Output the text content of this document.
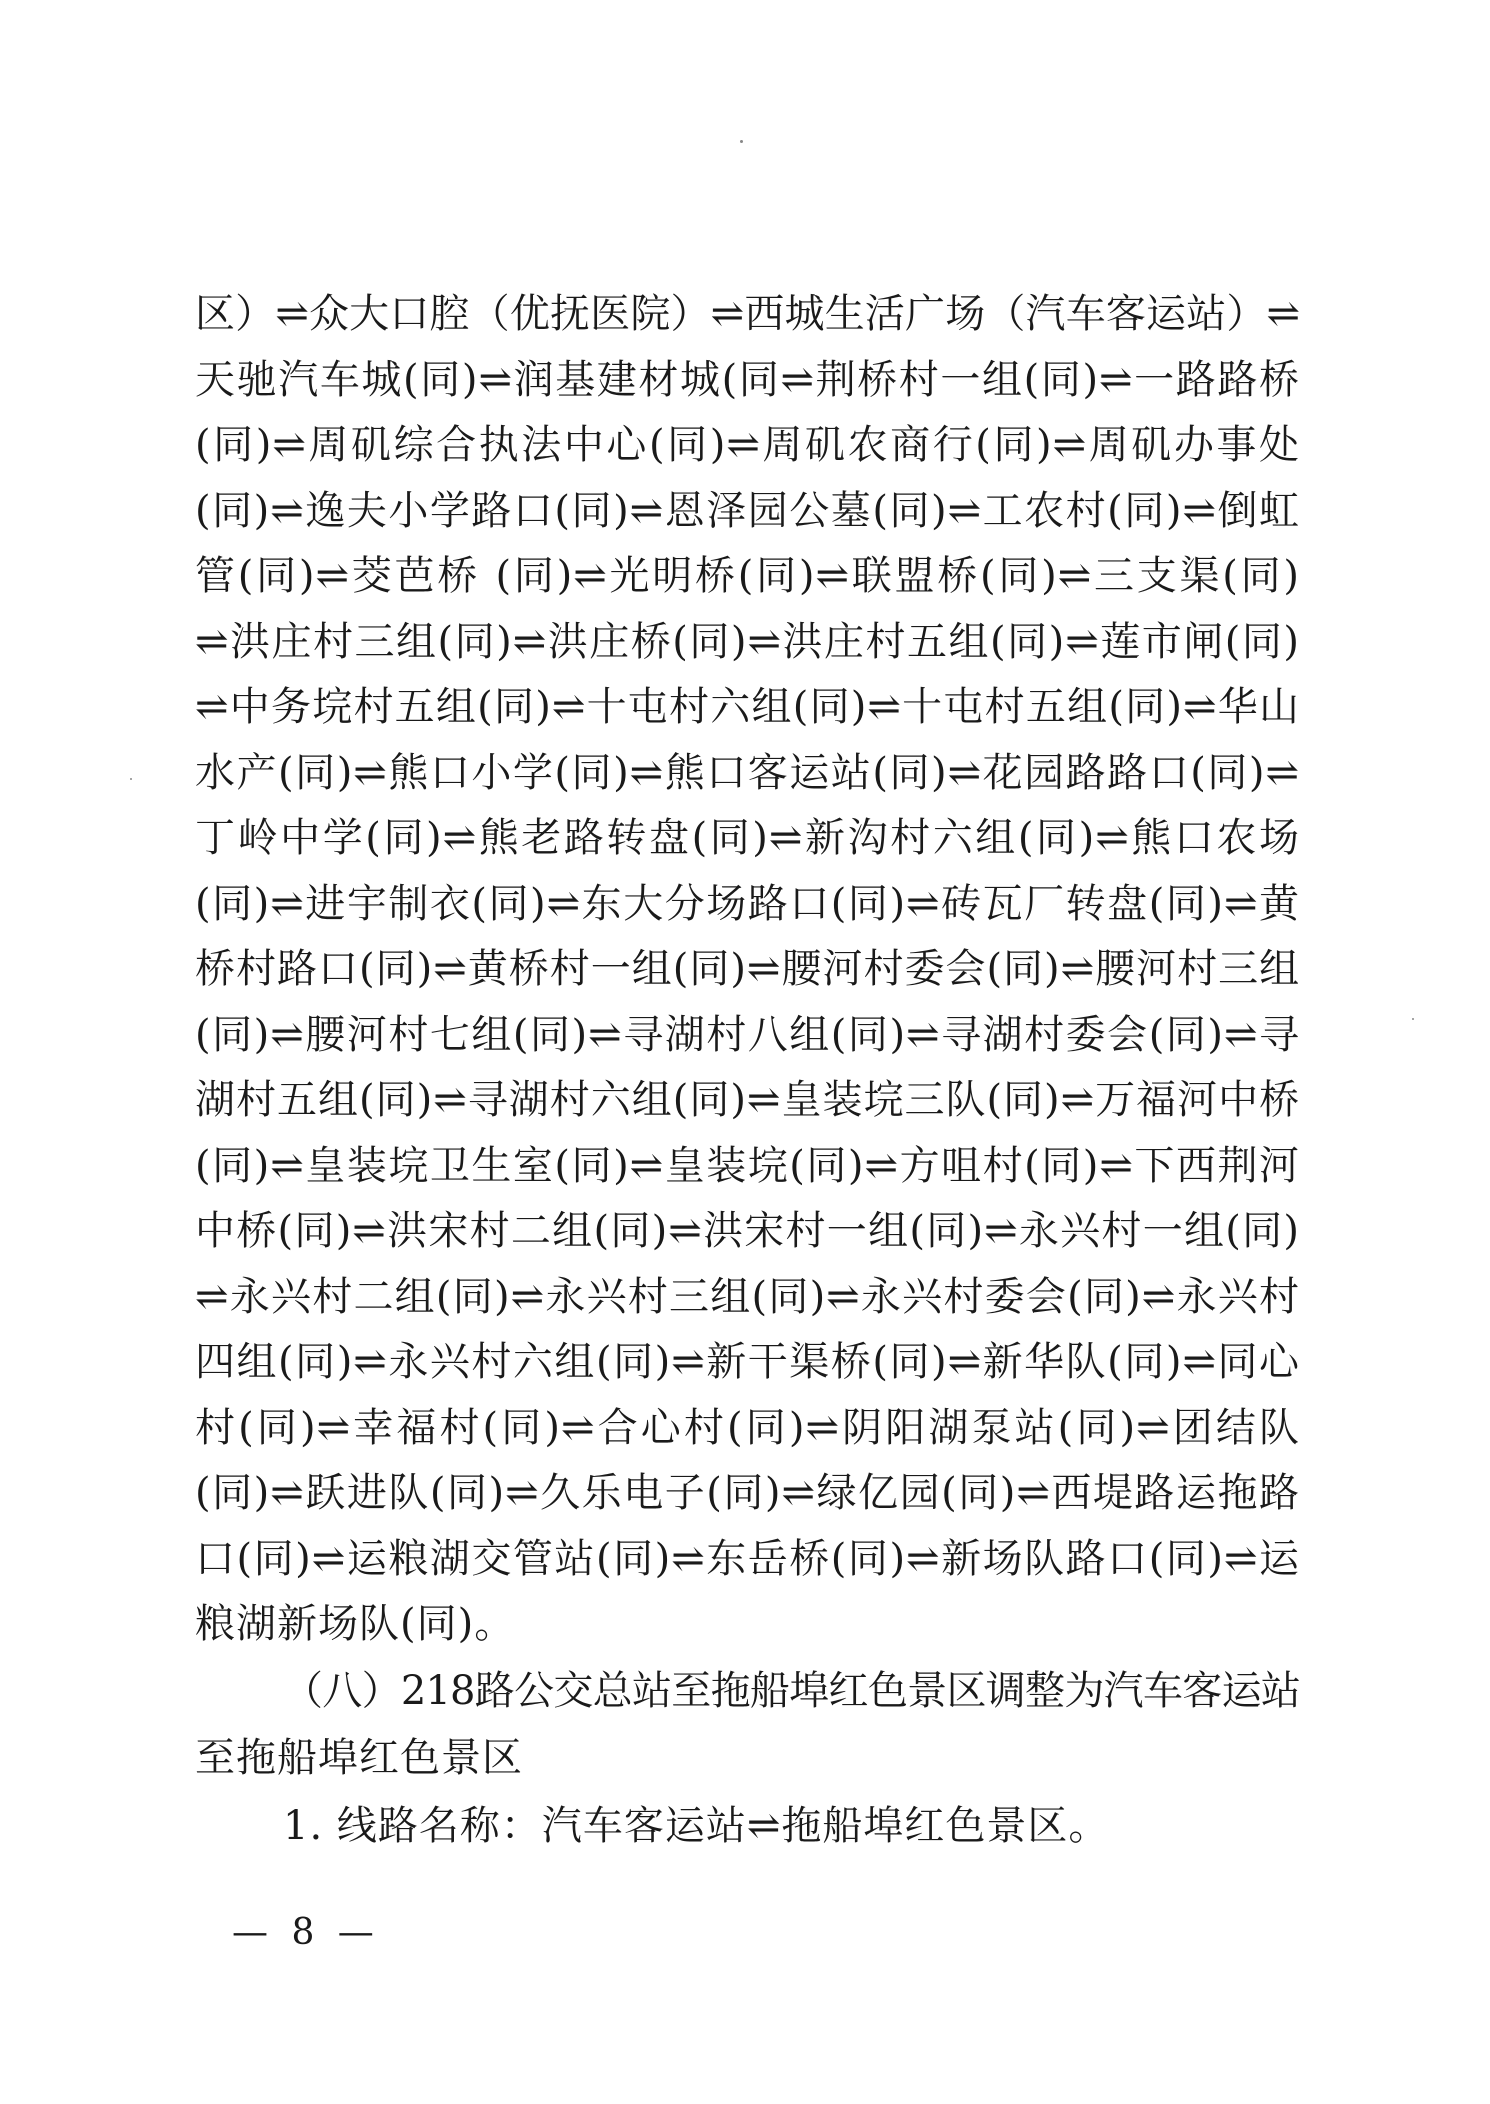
区）⇌众大口腔（优抚医院）⇌西城生活广场（汽车客运站）⇌
天驰汽车城(同)⇌润基建材城(同⇌荆桥村一组(同)⇌一路路桥
(同)⇌周矶综合执法中心(同)⇌周矶农商行(同)⇌周矶办事处
(同)⇌逸夫小学路口(同)⇌恩泽园公墓(同)⇌工农村(同)⇌倒虹
管(同)⇌茭芭桥 (同)⇌光明桥(同)⇌联盟桥(同)⇌三支渠(同)
⇌洪庄村三组(同)⇌洪庄桥(同)⇌洪庄村五组(同)⇌莲市闸(同)
⇌中务垸村五组(同)⇌十屯村六组(同)⇌十屯村五组(同)⇌华山
水产(同)⇌熊口小学(同)⇌熊口客运站(同)⇌花园路路口(同)⇌
丁岭中学(同)⇌熊老路转盘(同)⇌新沟村六组(同)⇌熊口农场
(同)⇌进宇制衣(同)⇌东大分场路口(同)⇌砖瓦厂转盘(同)⇌黄
桥村路口(同)⇌黄桥村一组(同)⇌腰河村委会(同)⇌腰河村三组
(同)⇌腰河村七组(同)⇌寻湖村八组(同)⇌寻湖村委会(同)⇌寻
湖村五组(同)⇌寻湖村六组(同)⇌皇装垸三队(同)⇌万福河中桥
(同)⇌皇装垸卫生室(同)⇌皇装垸(同)⇌方咀村(同)⇌下西荆河
中桥(同)⇌洪宋村二组(同)⇌洪宋村一组(同)⇌永兴村一组(同)
⇌永兴村二组(同)⇌永兴村三组(同)⇌永兴村委会(同)⇌永兴村
四组(同)⇌永兴村六组(同)⇌新干渠桥(同)⇌新华队(同)⇌同心
村(同)⇌幸福村(同)⇌合心村(同)⇌阴阳湖泵站(同)⇌团结队
(同)⇌跃进队(同)⇌久乐电子(同)⇌绿亿园(同)⇌西堤路运拖路
口(同)⇌运粮湖交管站(同)⇌东岳桥(同)⇌新场队路口(同)⇌运
粮湖新场队(同)。
（八）218路公交总站至拖船埠红色景区调整为汽车客运站
至拖船埠红色景区
1. 线路名称：汽车客运站⇌拖船埠红色景区。
— 8 —
